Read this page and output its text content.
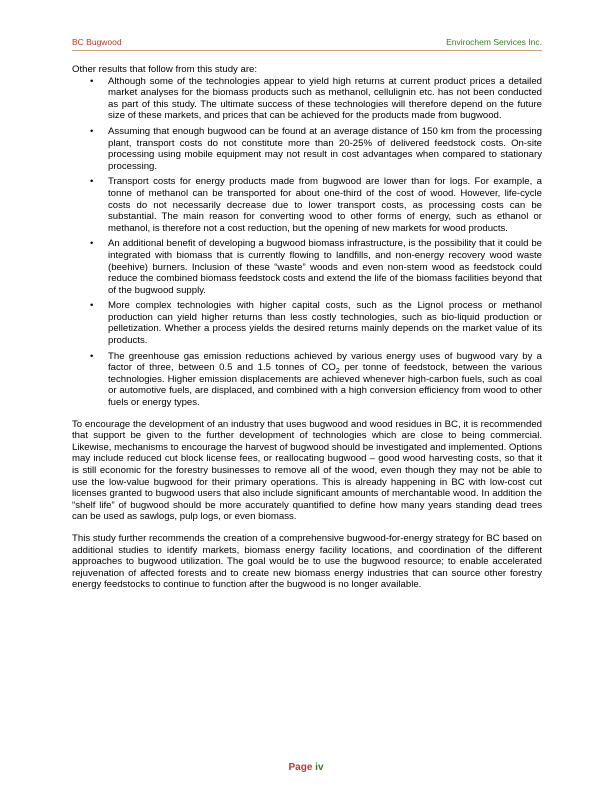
BC Bugwood	Envirochem Services Inc.

Other results that follow from this study are:

• Although some of the technologies appear to yield high returns at current product prices a detailed market analyses for the biomass products such as methanol, cellulignin etc. has not been conducted as part of this study. The ultimate success of these technologies will therefore depend on the future size of these markets, and prices that can be achieved for the products made from bugwood.
• Assuming that enough bugwood can be found at an average distance of 150 km from the processing plant, transport costs do not constitute more than 20-25% of delivered feedstock costs. On-site processing using mobile equipment may not result in cost advantages when compared to stationary processing.
• Transport costs for energy products made from bugwood are lower than for logs. For example, a tonne of methanol can be transported for about one-third of the cost of wood. However, life-cycle costs do not necessarily decrease due to lower transport costs, as processing costs can be substantial. The main reason for converting wood to other forms of energy, such as ethanol or methanol, is therefore not a cost reduction, but the opening of new markets for wood products.
• An additional benefit of developing a bugwood biomass infrastructure, is the possibility that it could be integrated with biomass that is currently flowing to landfills, and non-energy recovery wood waste (beehive) burners. Inclusion of these “waste” woods and even non-stem wood as feedstock could reduce the combined biomass feedstock costs and extend the life of the biomass facilities beyond that of the bugwood supply.
• More complex technologies with higher capital costs, such as the Lignol process or methanol production can yield higher returns than less costly technologies, such as bio-liquid production or pelletization. Whether a process yields the desired returns mainly depends on the market value of its products.
• The greenhouse gas emission reductions achieved by various energy uses of bugwood vary by a factor of three, between 0.5 and 1.5 tonnes of $CO_2$ per tonne of feedstock, between the various technologies. Higher emission displacements are achieved whenever high-carbon fuels, such as coal or automotive fuels, are displaced, and combined with a high conversion efficiency from wood to other fuels or energy types.

To encourage the development of an industry that uses bugwood and wood residues in BC, it is recommended that support be given to the further development of technologies which are close to being commercial. Likewise, mechanisms to encourage the harvest of bugwood should be investigated and implemented. Options may include reduced cut block license fees, or reallocating bugwood – good wood harvesting costs, so that it is still economic for the forestry businesses to remove all of the wood, even though they may not be able to use the low-value bugwood for their primary operations. This is already happening in BC with low-cost cut licenses granted to bugwood users that also include significant amounts of merchantable wood. In addition the “shelf life” of bugwood should be more accurately quantified to define how many years standing dead trees can be used as sawlogs, pulp logs, or even biomass.

This study further recommends the creation of a comprehensive bugwood-for-energy strategy for BC based on additional studies to identify markets, biomass energy facility locations, and coordination of the different approaches to bugwood utilization. The goal would be to use the bugwood resource; to enable accelerated rejuvenation of affected forests and to create new biomass energy industries that can source other forestry energy feedstocks to continue to function after the bugwood is no longer available.

Page iv
